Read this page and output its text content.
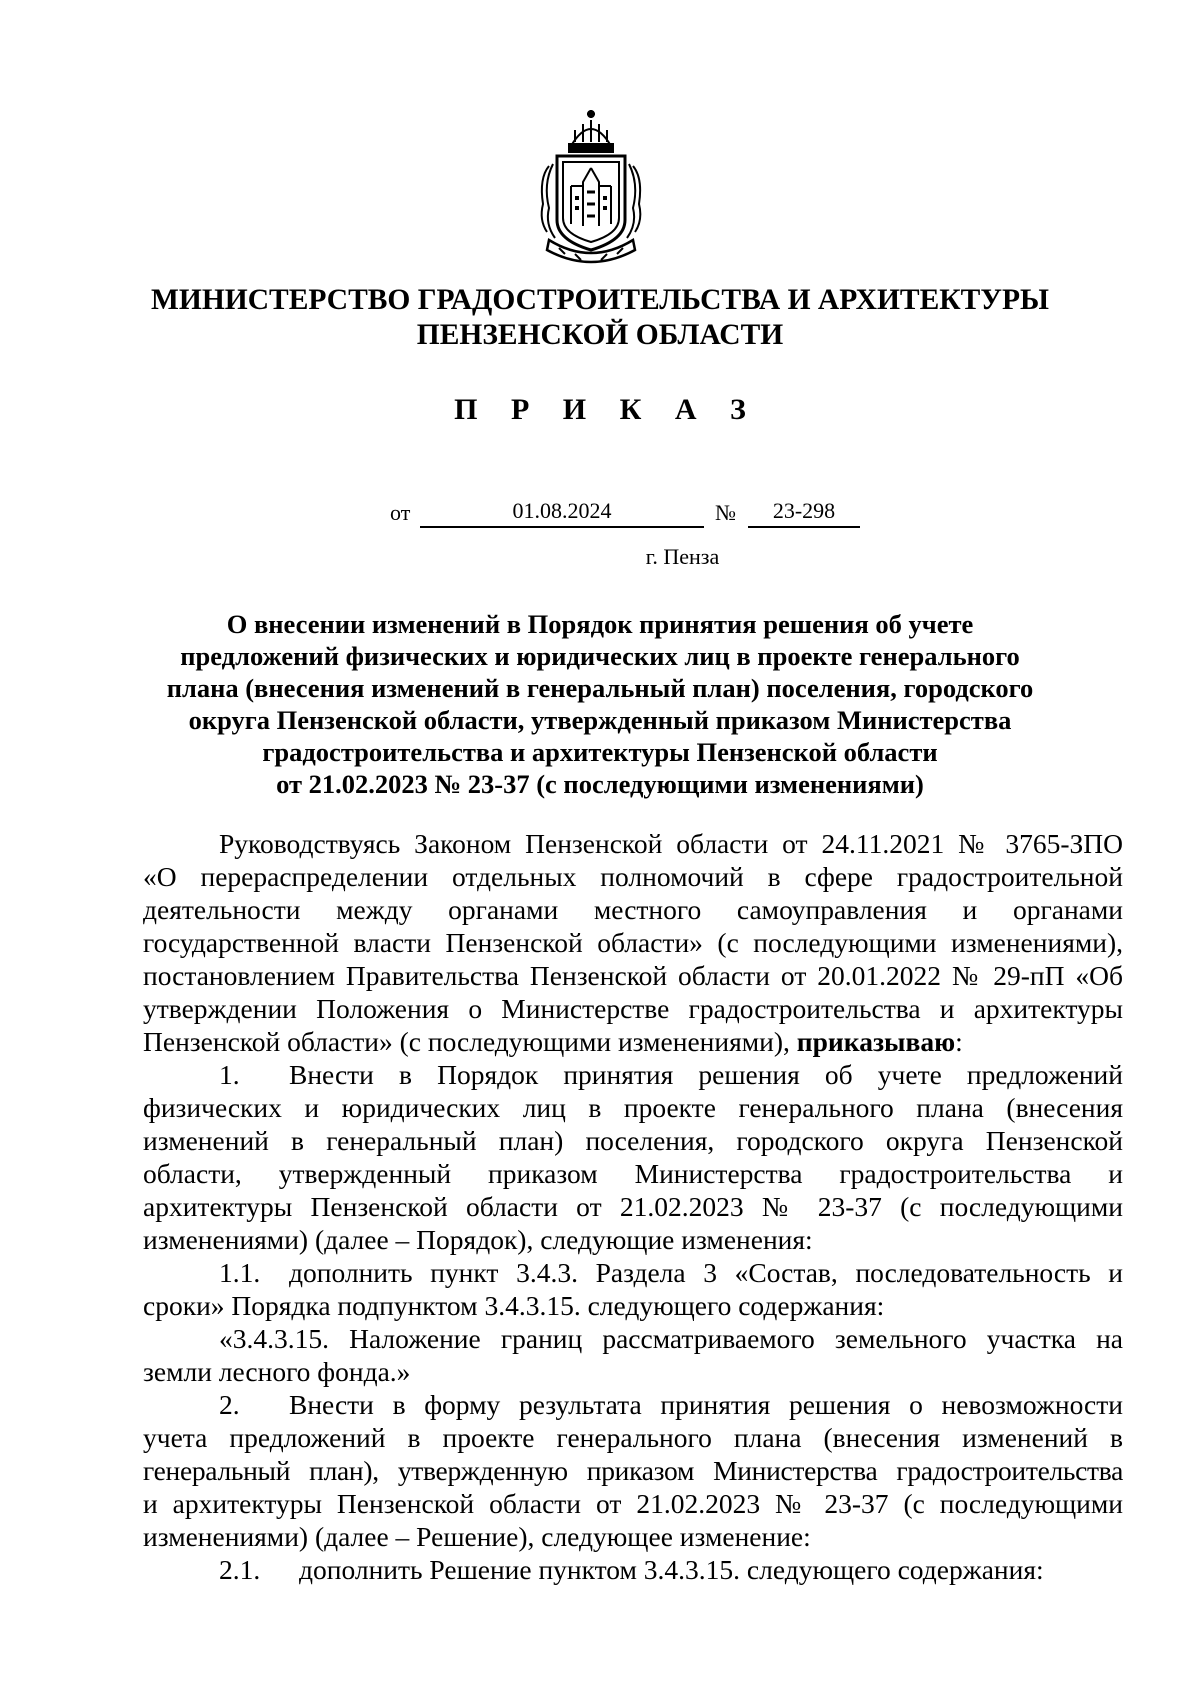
МИНИСТЕРСТВО ГРАДОСТРОИТЕЛЬСТВА И АРХИТЕКТУРЫ
ПЕНЗЕНСКОЙ ОБЛАСТИ
П Р И К А З
от	01.08.2024	№	23-298
г. Пенза
О внесении изменений в Порядок принятия решения об учете
предложений физических и юридических лиц в проекте генерального
плана (внесения изменений в генеральный план) поселения, городского
округа Пензенской области, утвержденный приказом Министерства
градостроительства и архитектуры Пензенской области
от 21.02.2023 № 23-37 (с последующими изменениями)
Руководствуясь Законом Пензенской области от 24.11.2021 № 3765-ЗПО
«О перераспределении отдельных полномочий в сфере градостроительной
деятельности между органами местного самоуправления и органами
государственной власти Пензенской области» (с последующими изменениями),
постановлением Правительства Пензенской области от 20.01.2022 № 29-пП «Об
утверждении Положения о Министерстве градостроительства и архитектуры
Пензенской области» (с последующими изменениями), приказываю:
1.	Внести в Порядок принятия решения об учете предложений
физических и юридических лиц в проекте генерального плана (внесения
изменений в генеральный план) поселения, городского округа Пензенской
области, утвержденный приказом Министерства градостроительства и
архитектуры Пензенской области от 21.02.2023 № 23-37 (с последующими
изменениями) (далее – Порядок), следующие изменения:
1.1.	дополнить пункт 3.4.3. Раздела 3 «Состав, последовательность и
сроки» Порядка подпунктом 3.4.3.15. следующего содержания:
«3.4.3.15. Наложение границ рассматриваемого земельного участка на
земли лесного фонда.»
2.	Внести в форму результата принятия решения о невозможности
учета предложений в проекте генерального плана (внесения изменений в
генеральный план), утвержденную приказом Министерства градостроительства
и архитектуры Пензенской области от 21.02.2023 № 23-37 (с последующими
изменениями) (далее – Решение), следующее изменение:
2.1.	дополнить Решение пунктом 3.4.3.15. следующего содержания:
